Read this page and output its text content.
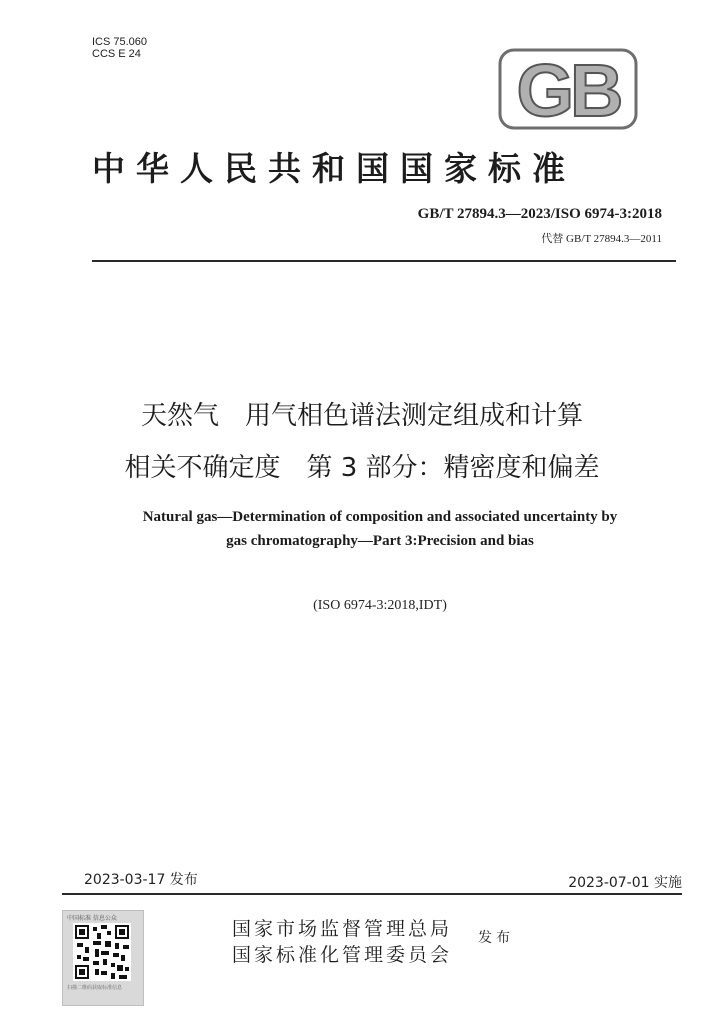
ICS 75.060
CCS E 24	GB
中华人民共和国国家标准
GB/T 27894.3—2023/ISO 6974-3:2018
代替 GB/T 27894.3—2011
天然气　用气相色谱法测定组成和计算
相关不确定度　第 3 部分：精密度和偏差
Natural gas—Determination of composition and associated uncertainty by
gas chromatography—Part 3:Precision and bias
(ISO 6974-3:2018,IDT)
2023-03-17 发布	2023-07-01 实施
中国标准 信息公众
扫描二维码获取标准信息
国家市场监督管理总局
国家标准化管理委员会
发布
